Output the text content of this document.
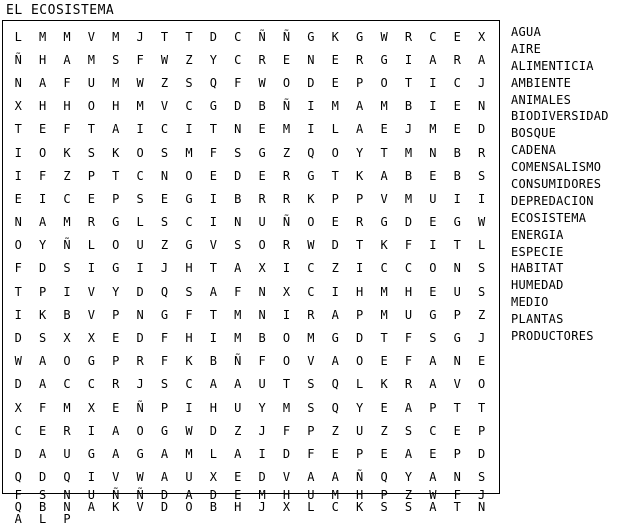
EL ECOSISTEMA
L	M	M	V	M	J	T	T	D	C	Ñ	Ñ	G	K	G	W	R	C	E	X
Ñ	H	A	M	S	F	W	Z	Y	C	R	E	N	E	R	G	I	A	R	A
N	A	F	U	M	W	Z	S	Q	F	W	O	D	E	P	O	T	I	C	J
X	H	H	O	H	M	V	C	G	D	B	Ñ	I	M	A	M	B	I	E	N
T	E	F	T	A	I	C	I	T	N	E	M	I	L	A	E	J	M	E	D
I	O	K	S	K	O	S	M	F	S	G	Z	Q	O	Y	T	M	N	B	R
I	F	Z	P	T	C	N	O	E	D	E	R	G	T	K	A	B	E	B	S
E	I	C	E	P	S	E	G	I	B	R	R	K	P	P	V	M	U	I	I
N	A	M	R	G	L	S	C	I	N	U	Ñ	O	E	R	G	D	E	G	W
O	Y	Ñ	L	O	U	Z	G	V	S	O	R	W	D	T	K	F	I	T	L
F	D	S	I	G	I	J	H	T	A	X	I	C	Z	I	C	C	O	N	S
T	P	I	V	Y	D	Q	S	A	F	N	X	C	I	H	M	H	E	U	S
I	K	B	V	P	N	G	F	T	M	N	I	R	A	P	M	U	G	P	Z
D	S	X	X	E	D	F	H	I	M	B	O	M	G	D	T	F	S	G	J
W	A	O	G	P	R	F	K	B	Ñ	F	O	V	A	O	E	F	A	N	E
D	A	C	C	R	J	S	C	A	A	U	T	S	Q	L	K	R	A	V	O
X	F	M	X	E	Ñ	P	I	H	U	Y	M	S	Q	Y	E	A	P	T	T
C	E	R	I	A	O	G	W	D	Z	J	F	P	Z	U	Z	S	C	E	P
D	A	U	G	A	G	A	M	L	A	I	D	F	E	P	E	A	E	P	D
Q	D	Q	I	V	W	A	U	X	E	D	V	A	A	Ñ	Q	Y	A	N	S
F	S	N	U	Ñ	Ñ	D	A	D	E	M	H	U	M	H	P	Z	W	F	J
Q	B	N	A	K	V	D	O	B	H	J	X	L	C	K	S	S	A	T	N
A	L	P
AGUA
AIRE
ALIMENTICIA
AMBIENTE
ANIMALES
BIODIVERSIDAD
BOSQUE
CADENA
COMENSALISMO
CONSUMIDORES
DEPREDACION
ECOSISTEMA
ENERGIA
ESPECIE
HABITAT
HUMEDAD
MEDIO
PLANTAS
PRODUCTORES
